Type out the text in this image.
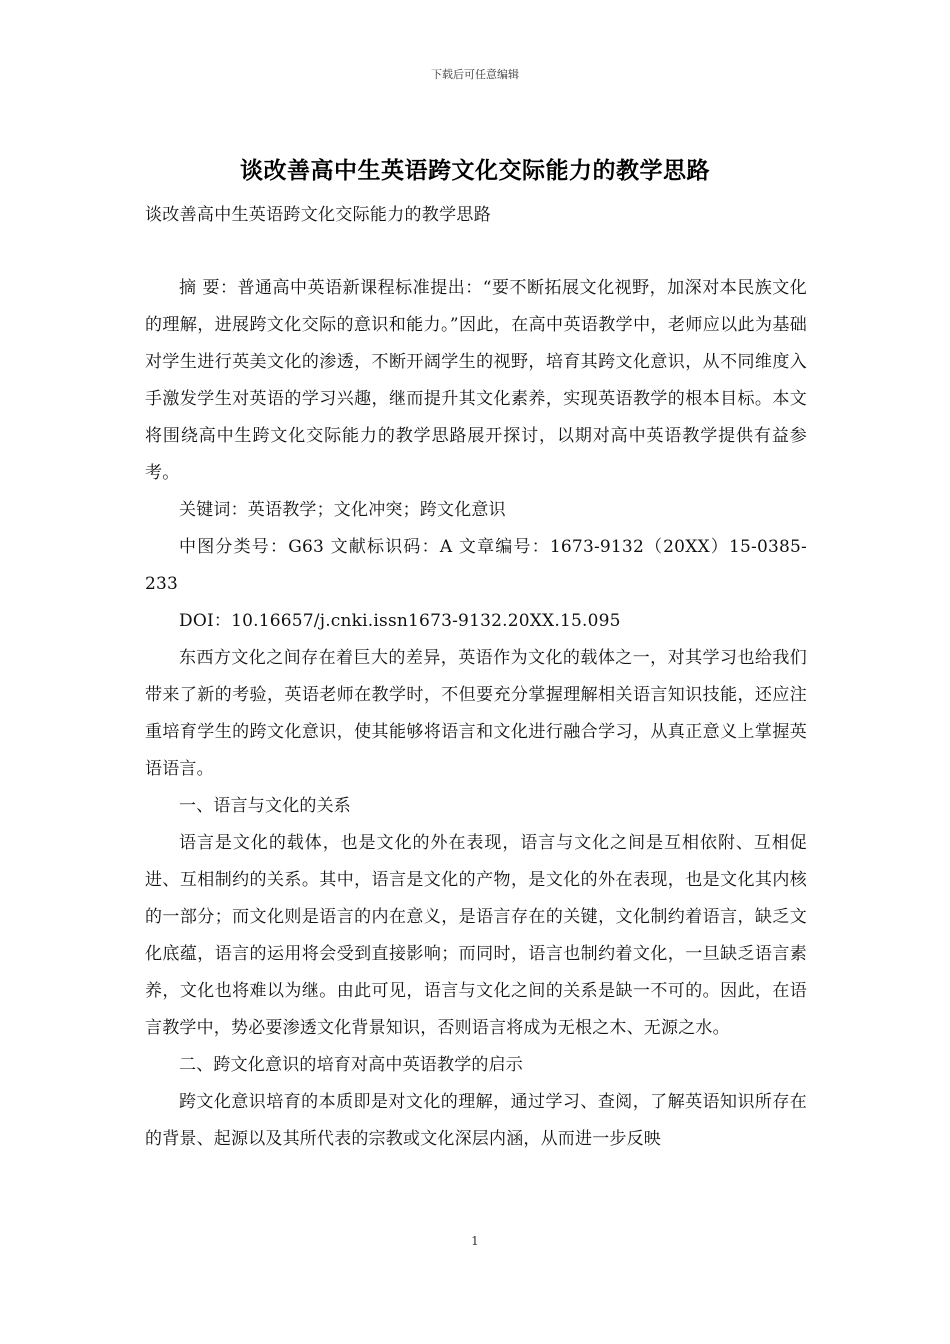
下载后可任意编辑
谈改善高中生英语跨文化交际能力的教学思路
谈改善高中生英语跨文化交际能力的教学思路

摘 要：普通高中英语新课程标准提出：“要不断拓展文化视野，加深对本民族文化的理解，进展跨文化交际的意识和能力。”因此，在高中英语教学中，老师应以此为基础对学生进行英美文化的渗透，不断开阔学生的视野，培育其跨文化意识，从不同维度入手激发学生对英语的学习兴趣，继而提升其文化素养，实现英语教学的根本目标。本文将围绕高中生跨文化交际能力的教学思路展开探讨，以期对高中英语教学提供有益参考。

关键词：英语教学；文化冲突；跨文化意识

中图分类号：G63 文献标识码：A 文章编号：1673-9132（20XX）15-0385-233

DOI：10.16657/j.cnki.issn1673-9132.20XX.15.095

东西方文化之间存在着巨大的差异，英语作为文化的载体之一，对其学习也给我们带来了新的考验，英语老师在教学时，不但要充分掌握理解相关语言知识技能，还应注重培育学生的跨文化意识，使其能够将语言和文化进行融合学习，从真正意义上掌握英语语言。

一、语言与文化的关系

语言是文化的载体，也是文化的外在表现，语言与文化之间是互相依附、互相促进、互相制约的关系。其中，语言是文化的产物，是文化的外在表现，也是文化其内核的一部分；而文化则是语言的内在意义，是语言存在的关键，文化制约着语言，缺乏文化底蕴，语言的运用将会受到直接影响；而同时，语言也制约着文化，一旦缺乏语言素养，文化也将难以为继。由此可见，语言与文化之间的关系是缺一不可的。因此，在语言教学中，势必要渗透文化背景知识，否则语言将成为无根之木、无源之水。

二、跨文化意识的培育对高中英语教学的启示

跨文化意识培育的本质即是对文化的理解，通过学习、查阅，了解英语知识所存在的背景、起源以及其所代表的宗教或文化深层内涵，从而进一步反映

1
